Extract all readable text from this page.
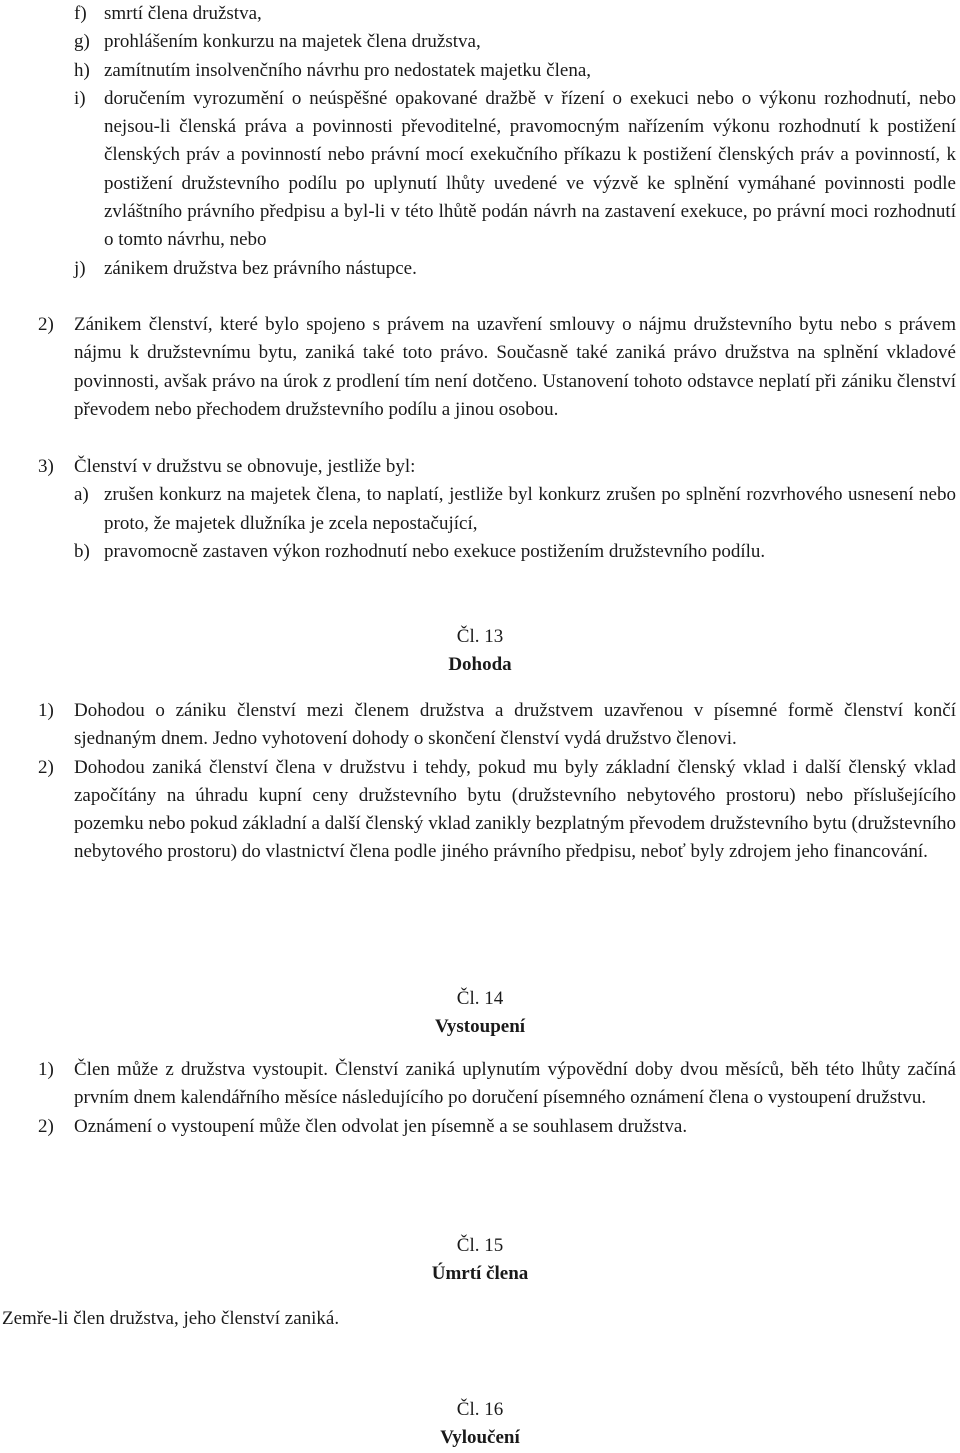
f) smrtí člena družstva,
g) prohlášením konkurzu na majetek člena družstva,
h) zamítnutím insolvenčního návrhu pro nedostatek majetku člena,
i) doručením vyrozumění o neúspěšné opakované dražbě v řízení o exekuci nebo o výkonu rozhodnutí, nebo nejsou-li členská práva a povinnosti převoditelné, pravomocným nařízením výkonu rozhodnutí k postižení členských práv a povinností nebo právní mocí exekučního příkazu k postižení členských práv a povinností, k postižení družstevního podílu po uplynutí lhůty uvedené ve výzvě ke splnění vymáhané povinnosti podle zvláštního právního předpisu a byl-li v této lhůtě podán návrh na zastavení exekuce, po právní moci rozhodnutí o tomto návrhu, nebo
j) zánikem družstva bez právního nástupce.
2) Zánikem členství, které bylo spojeno s právem na uzavření smlouvy o nájmu družstevního bytu nebo s právem nájmu k družstevnímu bytu, zaniká také toto právo. Současně také zaniká právo družstva na splnění vkladové povinnosti, avšak právo na úrok z prodlení tím není dotčeno. Ustanovení tohoto odstavce neplatí při zániku členství převodem nebo přechodem družstevního podílu a jinou osobou.
3) Členství v družstvu se obnovuje, jestliže byl:
a) zrušen konkurz na majetek člena, to naplatí, jestliže byl konkurz zrušen po splnění rozvrhového usnesení nebo proto, že majetek dlužníka je zcela nepostačující,
b) pravomocně zastaven výkon rozhodnutí nebo exekuce postižením družstevního podílu.
Čl. 13
Dohoda
1) Dohodou o zániku členství mezi členem družstva a družstvem uzavřenou v písemné formě členství končí sjednaným dnem. Jedno vyhotovení dohody o skončení členství vydá družstvo členovi.
2) Dohodou zaniká členství člena v družstvu i tehdy, pokud mu byly základní členský vklad i další členský vklad započítány na úhradu kupní ceny družstevního bytu (družstevního nebytového prostoru) nebo příslušejícího pozemku nebo pokud základní a další členský vklad zanikly bezplatným převodem družstevního bytu (družstevního nebytového prostoru) do vlastnictví člena podle jiného právního předpisu, neboť byly zdrojem jeho financování.
Čl. 14
Vystoupení
1) Člen může z družstva vystoupit. Členství zaniká uplynutím výpovědní doby dvou měsíců, běh této lhůty začíná prvním dnem kalendářního měsíce následujícího po doručení písemného oznámení člena o vystoupení družstvu.
2) Oznámení o vystoupení může člen odvolat jen písemně a se souhlasem družstva.
Čl. 15
Úmrtí člena
Zemře-li člen družstva, jeho členství zaniká.
Čl. 16
Vyloučení
